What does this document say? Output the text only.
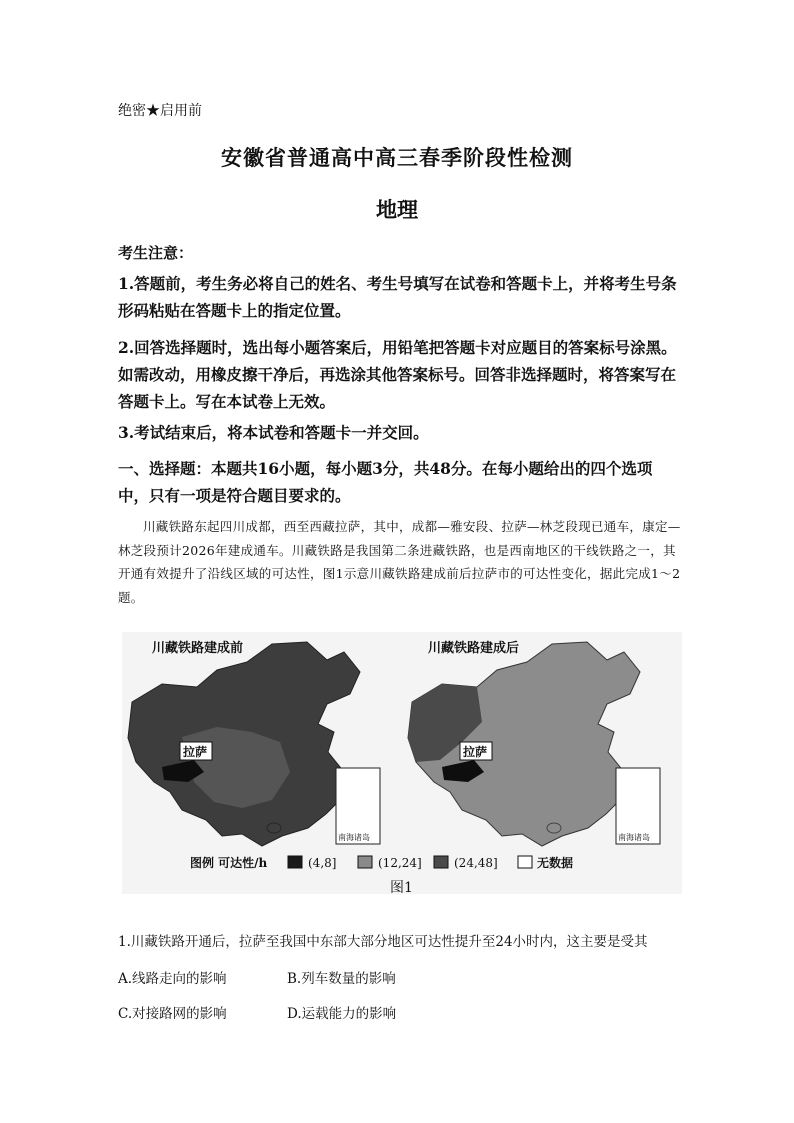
绝密★启用前
安徽省普通高中高三春季阶段性检测
地理
考生注意：
1.答题前，考生务必将自己的姓名、考生号填写在试卷和答题卡上，并将考生号条形码粘贴在答题卡上的指定位置。
2.回答选择题时，选出每小题答案后，用铅笔把答题卡对应题目的答案标号涂黑。如需改动，用橡皮擦干净后，再选涂其他答案标号。回答非选择题时，将答案写在答题卡上。写在本试卷上无效。
3.考试结束后，将本试卷和答题卡一并交回。
一、选择题：本题共16小题，每小题3分，共48分。在每小题给出的四个选项中，只有一项是符合题目要求的。
川藏铁路东起四川成都，西至西藏拉萨，其中，成都—雅安段、拉萨—林芝段现已通车，康定—林芝段预计2026年建成通车。川藏铁路是我国第二条进藏铁路，也是西南地区的干线铁路之一，其开通有效提升了沿线区域的可达性，图1示意川藏铁路建成前后拉萨市的可达性变化，据此完成1～2题。
川藏铁路建成前
拉萨
南海诸岛
川藏铁路建成后
拉萨
南海诸岛
图例 可达性/h	(4,8]	(12,24]	(24,48]	无数据
图1
1.川藏铁路开通后，拉萨至我国中东部大部分地区可达性提升至24小时内，这主要是受其
A.线路走向的影响	B.列车数量的影响
C.对接路网的影响	D.运载能力的影响
